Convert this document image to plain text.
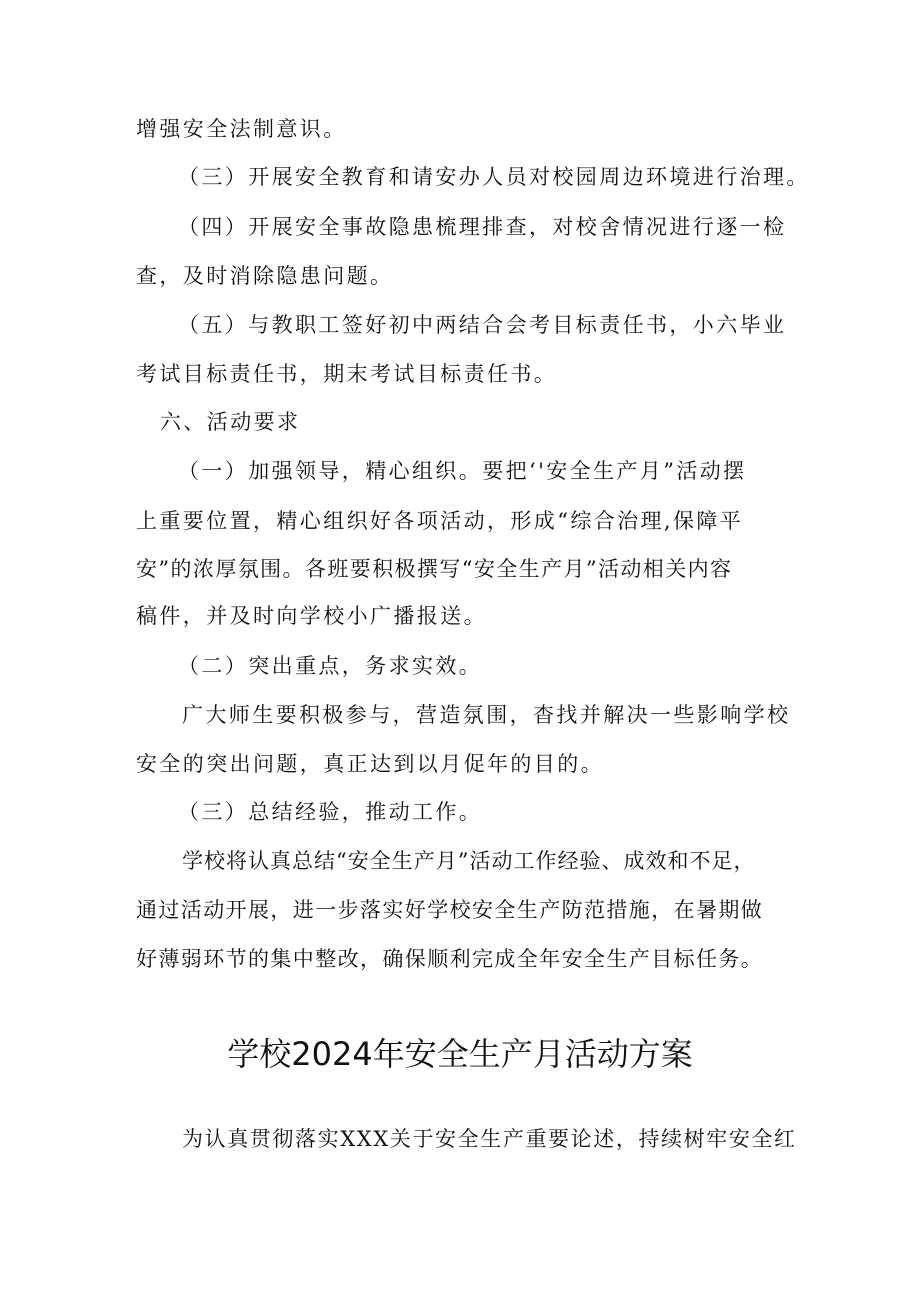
增强安全法制意识。

（三）开展安全教育和请安办人员对校园周边环境进行治理。

（四）开展安全事故隐患梳理排查，对校舍情况进行逐一检

查，及时消除隐患问题。

（五）与教职工签好初中两结合会考目标责任书，小六毕业

考试目标责任书，期末考试目标责任书。

六、活动要求

（一）加强领导，精心组织。要把‘'安全生产月”活动摆

上重要位置，精心组织好各项活动，形成“综合治理,保障平

安”的浓厚氛围。各班要积极撰写“安全生产月”活动相关内容

稿件，并及时向学校小广播报送。

（二）突出重点，务求实效。

广大师生要积极参与，营造氛围，杳找并解决一些影响学校

安全的突出问题，真正达到以月促年的目的。

（三）总结经验，推动工作。

学校将认真总结“安全生产月”活动工作经验、成效和不足，

通过活动开展，进一步落实好学校安全生产防范措施，在暑期做

好薄弱环节的集中整改，确保顺利完成全年安全生产目标任务。

学校2024年安全生产月活动方案

为认真贯彻落实XXX关于安全生产重要论述，持续树牢安全红
